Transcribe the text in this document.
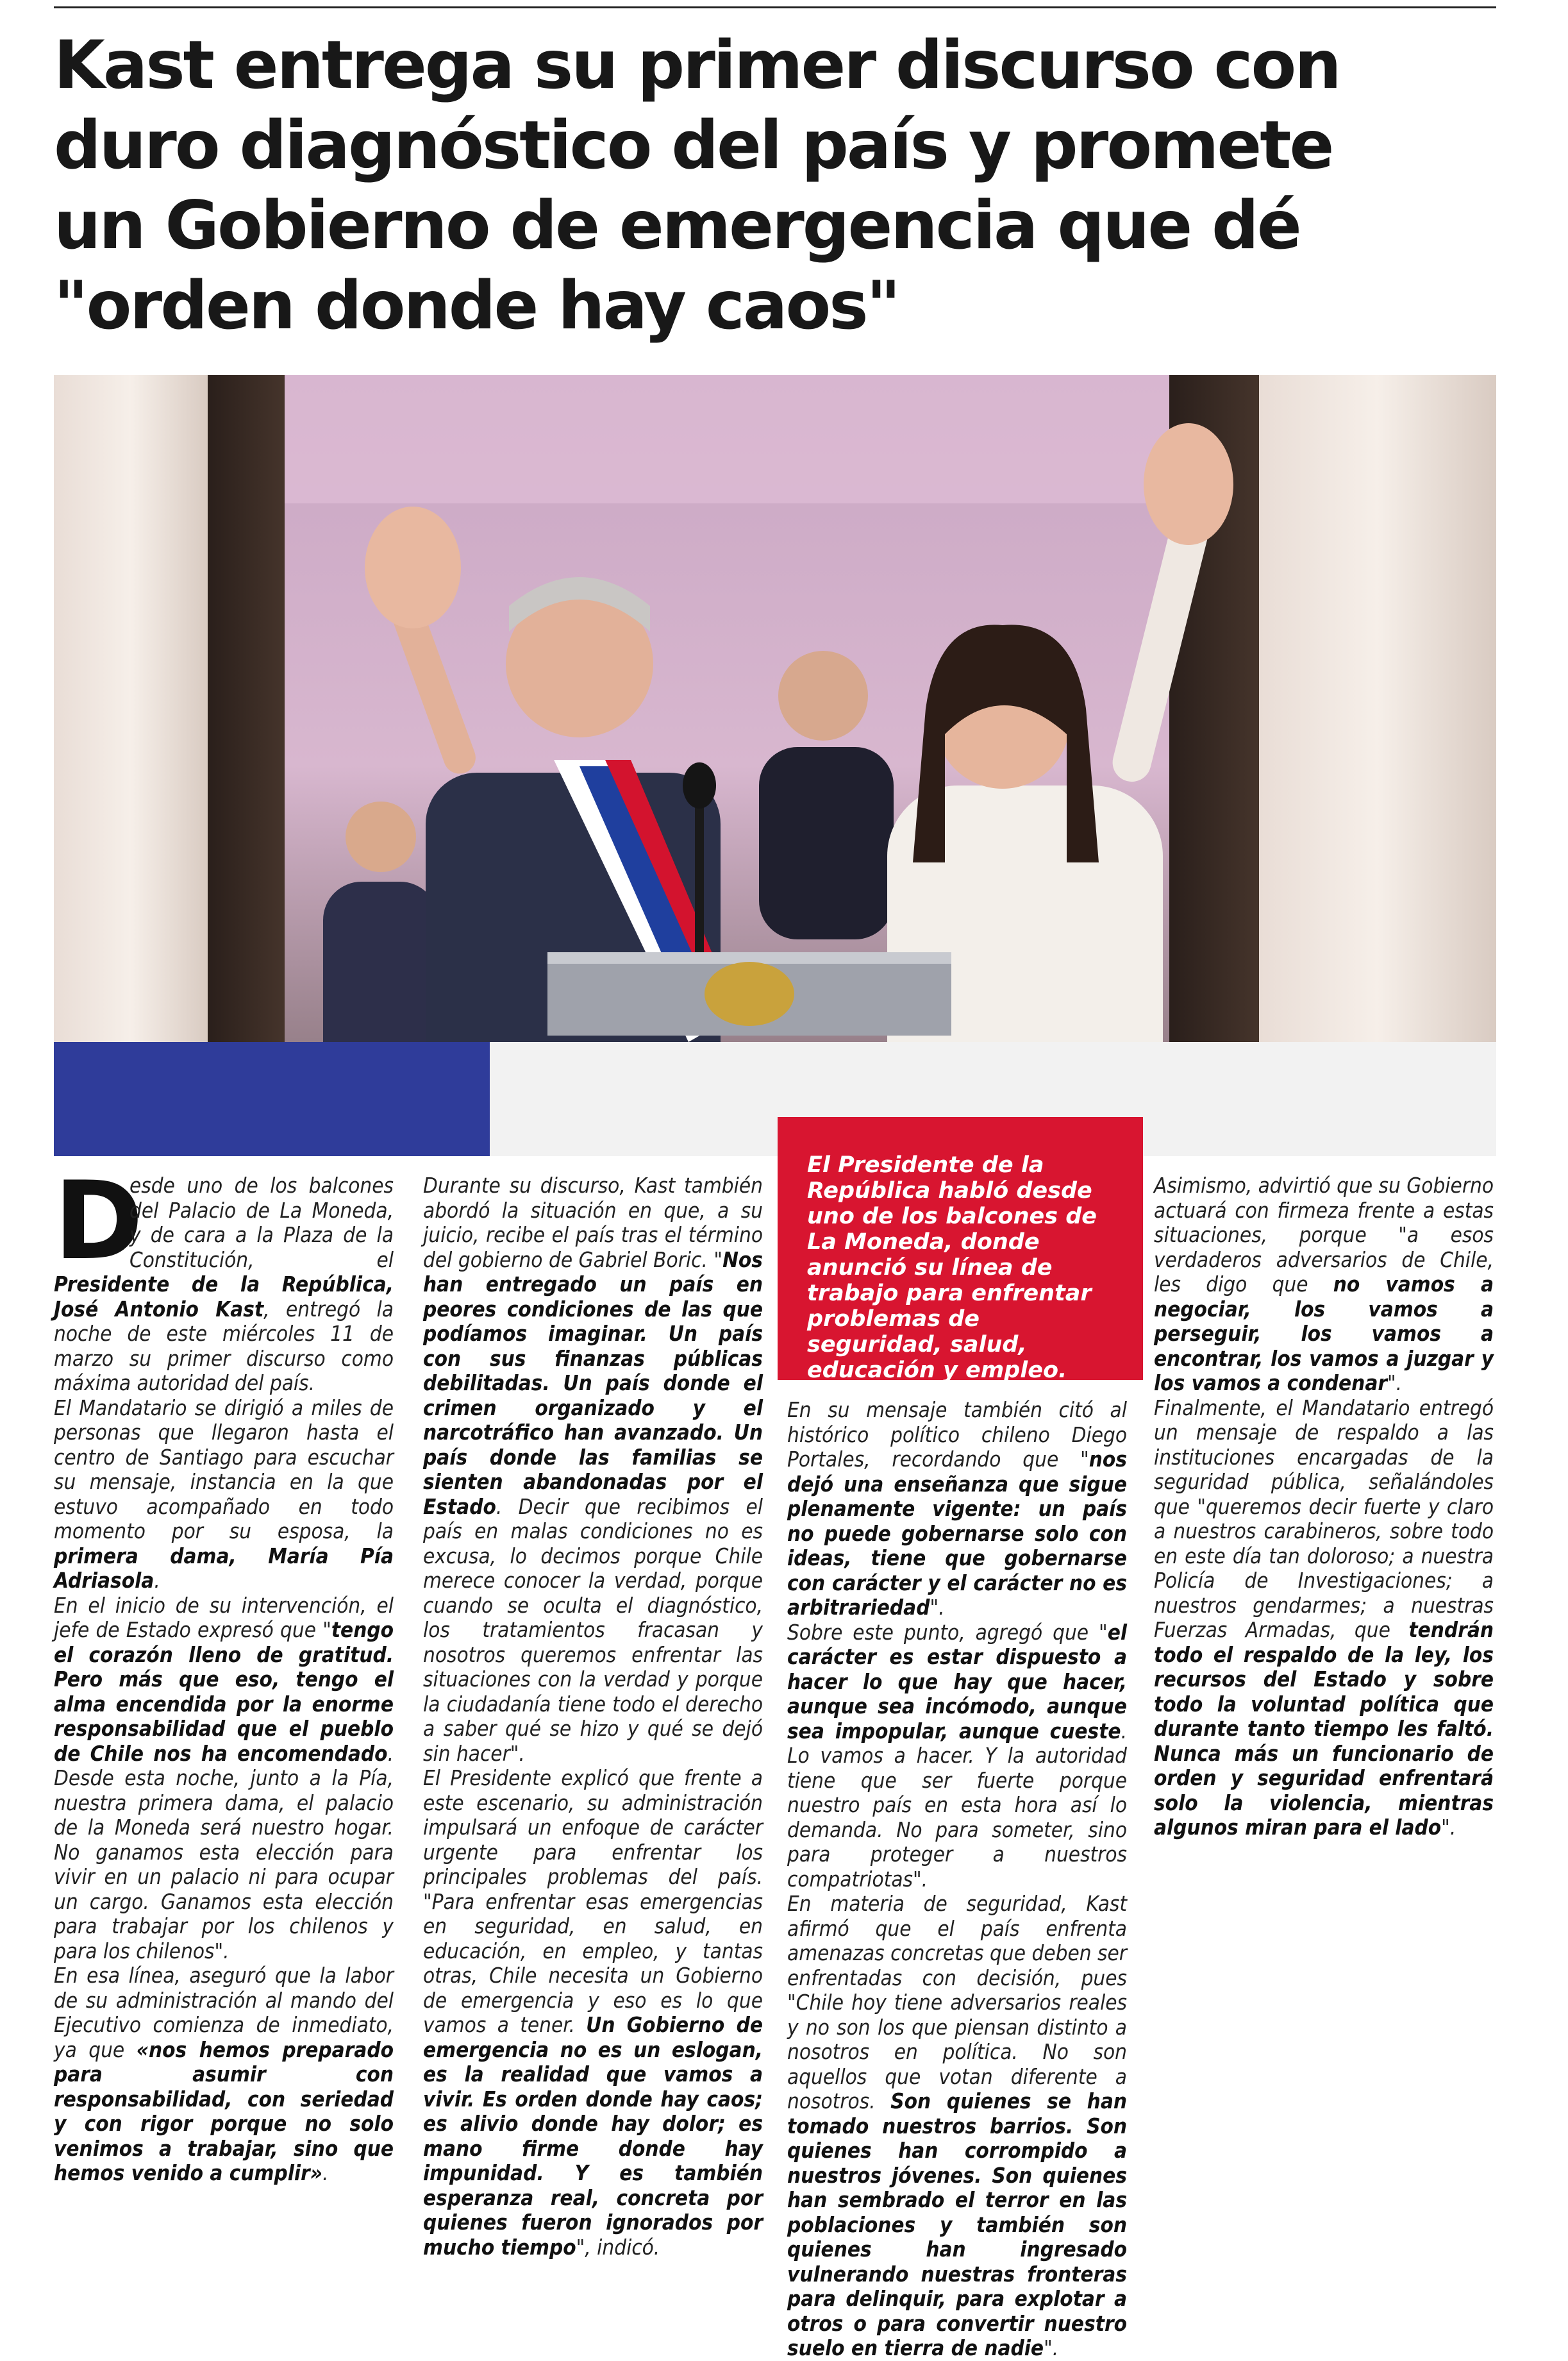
Kast entrega su primer discurso con
duro diagnóstico del país y promete
un Gobierno de emergencia que dé
"orden donde hay caos"

El Presidente de la República habló desde uno de los balcones de La Moneda, donde anunció su línea de trabajo para enfrentar problemas de seguridad, salud, educación y empleo.

D

esde uno de los balcones del Palacio de La Moneda, y de cara a la Plaza de la Constitución, el Presidente de la República, José Antonio Kast, entregó la noche de este miércoles 11 de marzo su primer discurso como máxima autoridad del país.

El Mandatario se dirigió a miles de personas que llegaron hasta el centro de Santiago para escuchar su mensaje, instancia en la que estuvo acompañado en todo momento por su esposa, la primera dama, María Pía Adriasola.

En el inicio de su intervención, el jefe de Estado expresó que "tengo el corazón lleno de gratitud. Pero más que eso, tengo el alma encendida por la enorme responsabilidad que el pueblo de Chile nos ha encomendado. Desde esta noche, junto a la Pía, nuestra primera dama, el palacio de la Moneda será nuestro hogar. No ganamos esta elección para vivir en un palacio ni para ocupar un cargo. Ganamos esta elección para trabajar por los chilenos y para los chilenos".

En esa línea, aseguró que la labor de su administración al mando del Ejecutivo comienza de inmediato, ya que «nos hemos preparado para asumir con responsabilidad, con seriedad y con rigor porque no solo venimos a trabajar, sino que hemos venido a cumplir».

Durante su discurso, Kast también abordó la situación en que, a su juicio, recibe el país tras el término del gobierno de Gabriel Boric. "Nos han entregado un país en peores condiciones de las que podíamos imaginar. Un país con sus finanzas públicas debilitadas. Un país donde el crimen organizado y el narcotráfico han avanzado. Un país donde las familias se sienten abandonadas por el Estado. Decir que recibimos el país en malas condiciones no es excusa, lo decimos porque Chile merece conocer la verdad, porque cuando se oculta el diagnóstico, los tratamientos fracasan y nosotros queremos enfrentar las situaciones con la verdad y porque la ciudadanía tiene todo el derecho a saber qué se hizo y qué se dejó sin hacer".

El Presidente explicó que frente a este escenario, su administración impulsará un enfoque de carácter urgente para enfrentar los principales problemas del país. "Para enfrentar esas emergencias en seguridad, en salud, en educación, en empleo, y tantas otras, Chile necesita un Gobierno de emergencia y eso es lo que vamos a tener. Un Gobierno de emergencia no es un eslogan, es la realidad que vamos a vivir. Es orden donde hay caos; es alivio donde hay dolor; es mano firme donde hay impunidad. Y es también esperanza real, concreta por quienes fueron ignorados por mucho tiempo", indicó.

En su mensaje también citó al histórico político chileno Diego Portales, recordando que "nos dejó una enseñanza que sigue plenamente vigente: un país no puede gobernarse solo con ideas, tiene que gobernarse con carácter y el carácter no es arbitrariedad".

Sobre este punto, agregó que "el carácter es estar dispuesto a hacer lo que hay que hacer, aunque sea incómodo, aunque sea impopular, aunque cueste. Lo vamos a hacer. Y la autoridad tiene que ser fuerte porque nuestro país en esta hora así lo demanda. No para someter, sino para proteger a nuestros compatriotas".

En materia de seguridad, Kast afirmó que el país enfrenta amenazas concretas que deben ser enfrentadas con decisión, pues "Chile hoy tiene adversarios reales y no son los que piensan distinto a nosotros en política. No son aquellos que votan diferente a nosotros. Son quienes se han tomado nuestros barrios. Son quienes han corrompido a nuestros jóvenes. Son quienes han sembrado el terror en las poblaciones y también son quienes han ingresado vulnerando nuestras fronteras para delinquir, para explotar a otros o para convertir nuestro suelo en tierra de nadie".

Asimismo, advirtió que su Gobierno actuará con firmeza frente a estas situaciones, porque "a esos verdaderos adversarios de Chile, les digo que no vamos a negociar, los vamos a perseguir, los vamos a encontrar, los vamos a juzgar y los vamos a condenar".

Finalmente, el Mandatario entregó un mensaje de respaldo a las instituciones encargadas de la seguridad pública, señalándoles que "queremos decir fuerte y claro a nuestros carabineros, sobre todo en este día tan doloroso; a nuestra Policía de Investigaciones; a nuestros gendarmes; a nuestras Fuerzas Armadas, que tendrán todo el respaldo de la ley, los recursos del Estado y sobre todo la voluntad política que durante tanto tiempo les faltó. Nunca más un funcionario de orden y seguridad enfrentará solo la violencia, mientras algunos miran para el lado".
